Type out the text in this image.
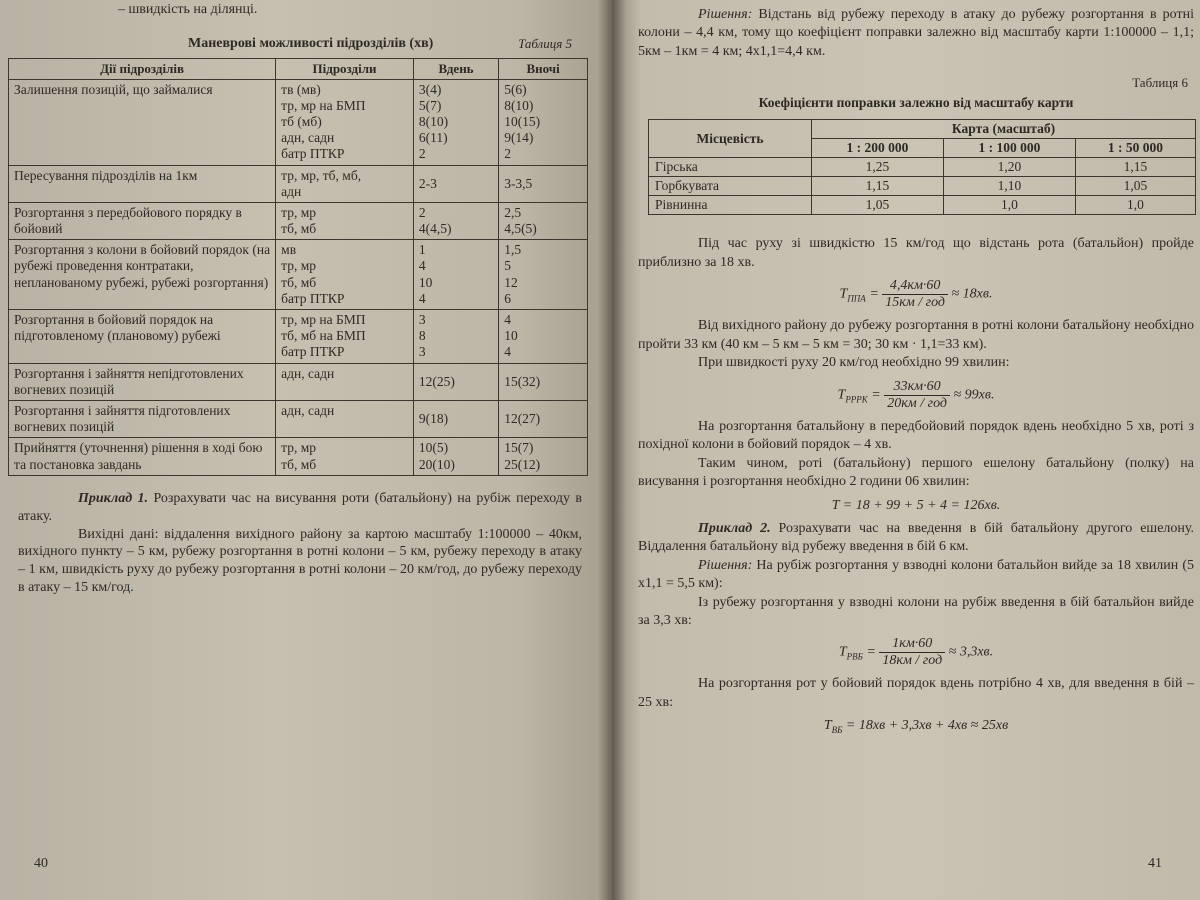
– швидкість на ділянці.
Маневрові можливості підрозділів (хв)	Таблиця 5
Дії підрозділів	Підрозділи	Вдень	Вночі
Залишення позицій, що займалися	тв (мв)
тр, мр на БМП
тб (мб)
адн, садн
батр ПТКР	3(4)
5(7)
8(10)
6(11)
2	5(6)
8(10)
10(15)
9(14)
2
Пересування підрозділів на 1км	тр, мр, тб, мб,
адн	2-3	3-3,5
Розгортання з передбойового порядку в бойовий	тр, мр
тб, мб	2
4(4,5)	2,5
4,5(5)
Розгортання з колони в бойовий порядок (на рубежі проведення контратаки, непланованому рубежі, рубежі розгортання)	мв
тр, мр
тб, мб
батр ПТКР	1
4
10
4	1,5
5
12
6
Розгортання в бойовий порядок на підготовленому (плановому) рубежі	тр, мр на БМП
тб, мб на БМП
батр ПТКР	3
8
3	4
10
4
Розгортання і зайняття непідготовлених вогневих позицій	адн, садн	12(25)	15(32)
Розгортання і зайняття підготовлених вогневих позицій	адн, садн	9(18)	12(27)
Прийняття (уточнення) рішення в ході бою та постановка завдань	тр, мр
тб, мб	10(5)
20(10)	15(7)
25(12)

Приклад 1. Розрахувати час на висування роти (батальйону) на рубіж переходу в атаку.

Вихідні дані: віддалення вихідного району за картою масштабу 1:100000 – 40км, вихідного пункту – 5 км, рубежу розгортання в ротні колони – 5 км, рубежу переходу в атаку – 1 км, швидкість руху до рубежу розгортання в ротні колони – 20 км/год, до рубежу переходу в атаку – 15 км/год.

40

Рішення: Відстань від рубежу переходу в атаку до рубежу розгортання в ротні колони – 4,4 км, тому що коефіцієнт поправки залежно від масштабу карти 1:100000 – 1,1; 5км – 1км = 4 км; 4х1,1=4,4 км.

Таблиця 6
Коефіцієнти поправки залежно від масштабу карти
Місцевість	Карта (масштаб)		
	1 : 200 000	1 : 100 000	1 : 50 000
Гірська	1,25	1,20	1,15
Горбкувата	1,15	1,10	1,05
Рівнинна	1,05	1,0	1,0

Під час руху зі швидкістю 15 км/год що відстань рота (батальйон) пройде приблизно за 18 хв.

$T_{ППА} = \frac{4,4км\cdot 60}{\text{15км / год}} \approx 18хв$.

Від вихідного району до рубежу розгортання в ротні колони батальйону необхідно пройти 33 км (40 км – 5 км – 5 км = 30; 30 км · 1,1=33 км).

При швидкості руху 20 км/год необхідно 99 хвилин:

$T_{РРРК} = \frac{33км\cdot 60}{\text{20км / год}} \approx 99хв$.

На розгортання батальйону в передбойовий порядок вдень необхідно 5 хв, роті з похідної колони в бойовий порядок – 4 хв.

Таким чином, роті (батальйону) першого ешелону батальйону (полку) на висування і розгортання необхідно 2 години 06 хвилин:

T = 18 + 99 + 5 + 4 = 126хв.

Приклад 2. Розрахувати час на введення в бій батальйону другого ешелону. Віддалення батальйону від рубежу введення в бій 6 км.

Рішення: На рубіж розгортання у взводні колони батальйон вийде за 18 хвилин (5 х1,1 = 5,5 км):

Із рубежу розгортання у взводні колони на рубіж введення в бій батальйон вийде за 3,3 хв:

$T_{РВБ} = \frac{1км\cdot 60}{\text{18км / год}} \approx 3,3хв$.

На розгортання рот у бойовий порядок вдень потрібно 4 хв, для введення в бій – 25 хв:

$T_{ВБ} = 18хв + 3,3хв + 4хв \approx 25хв$
41
